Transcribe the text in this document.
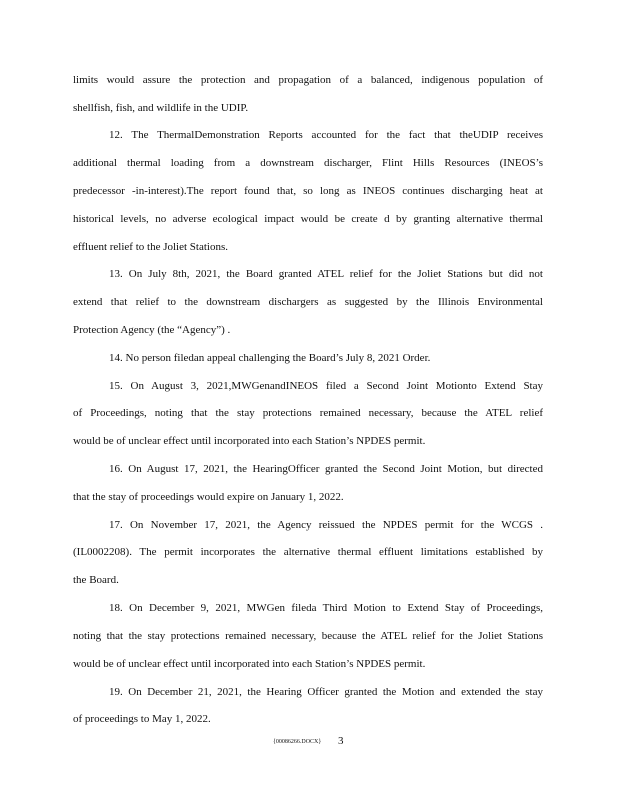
limits would assure the protection and propagation of a balanced, indigenous population of
shellfish, fish, and wildlife in the UDIP.
12. The ThermalDemonstration Reports accounted for the fact that theUDIP receives
additional thermal loading from a downstream discharger, Flint Hills Resources (INEOS’s
predecessor -in-interest).The report found that, so long as INEOS continues discharging heat at
historical levels, no adverse ecological impact would be create d by granting alternative thermal
effluent relief to the Joliet Stations.
13. On July 8th, 2021, the Board granted ATEL relief for the Joliet Stations but did not
extend that relief to the downstream dischargers as suggested by the Illinois Environmental
Protection Agency (the “Agency”) .
14. No person filedan appeal challenging the Board’s July 8, 2021 Order.
15. On August 3, 2021,MWGenandINEOS filed a Second Joint Motionto Extend Stay
of Proceedings, noting that the stay protections remained necessary, because the ATEL relief
would be of unclear effect until incorporated into each Station’s NPDES permit.
16. On August 17, 2021, the HearingOfficer granted the Second Joint Motion, but directed
that the stay of proceedings would expire on January 1, 2022.
17. On November 17, 2021, the Agency reissued the NPDES permit for the WCGS .
(IL0002208). The permit incorporates the alternative thermal effluent limitations established by
the Board.
18. On December 9, 2021, MWGen fileda Third Motion to Extend Stay of Proceedings,
noting that the stay protections remained necessary, because the ATEL relief for the Joliet Stations
would be of unclear effect until incorporated into each Station’s NPDES permit.
19. On December 21, 2021, the Hearing Officer granted the Motion and extended the stay
of proceedings to May 1, 2022.
{00086266.DOCX} 3
